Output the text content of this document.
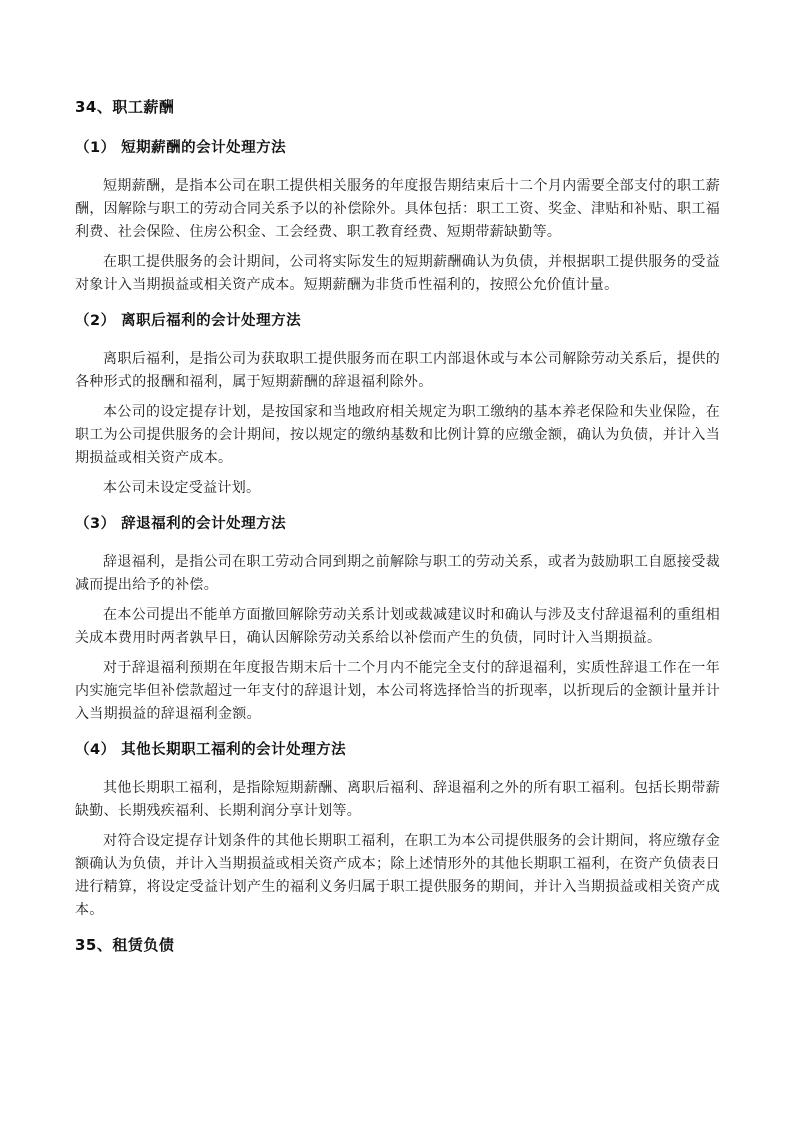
34、职工薪酬
（1） 短期薪酬的会计处理方法
短期薪酬，是指本公司在职工提供相关服务的年度报告期结束后十二个月内需要全部支付的职工薪酬，因解除与职工的劳动合同关系予以的补偿除外。具体包括：职工工资、奖金、津贴和补贴、职工福利费、社会保险、住房公积金、工会经费、职工教育经费、短期带薪缺勤等。
在职工提供服务的会计期间，公司将实际发生的短期薪酬确认为负债，并根据职工提供服务的受益对象计入当期损益或相关资产成本。短期薪酬为非货币性福利的，按照公允价值计量。
（2） 离职后福利的会计处理方法
离职后福利，是指公司为获取职工提供服务而在职工内部退休或与本公司解除劳动关系后，提供的各种形式的报酬和福利，属于短期薪酬的辞退福利除外。
本公司的设定提存计划，是按国家和当地政府相关规定为职工缴纳的基本养老保险和失业保险，在职工为公司提供服务的会计期间，按以规定的缴纳基数和比例计算的应缴金额，确认为负债，并计入当期损益或相关资产成本。
本公司未设定受益计划。
（3） 辞退福利的会计处理方法
辞退福利，是指公司在职工劳动合同到期之前解除与职工的劳动关系，或者为鼓励职工自愿接受裁减而提出给予的补偿。
在本公司提出不能单方面撤回解除劳动关系计划或裁减建议时和确认与涉及支付辞退福利的重组相关成本费用时两者孰早日，确认因解除劳动关系给以补偿而产生的负债，同时计入当期损益。
对于辞退福利预期在年度报告期末后十二个月内不能完全支付的辞退福利，实质性辞退工作在一年内实施完毕但补偿款超过一年支付的辞退计划，本公司将选择恰当的折现率，以折现后的金额计量并计入当期损益的辞退福利金额。
（4） 其他长期职工福利的会计处理方法
其他长期职工福利，是指除短期薪酬、离职后福利、辞退福利之外的所有职工福利。包括长期带薪缺勤、长期残疾福利、长期利润分享计划等。
对符合设定提存计划条件的其他长期职工福利，在职工为本公司提供服务的会计期间，将应缴存金额确认为负债，并计入当期损益或相关资产成本；除上述情形外的其他长期职工福利，在资产负债表日进行精算，将设定受益计划产生的福利义务归属于职工提供服务的期间，并计入当期损益或相关资产成本。
35、租赁负债
